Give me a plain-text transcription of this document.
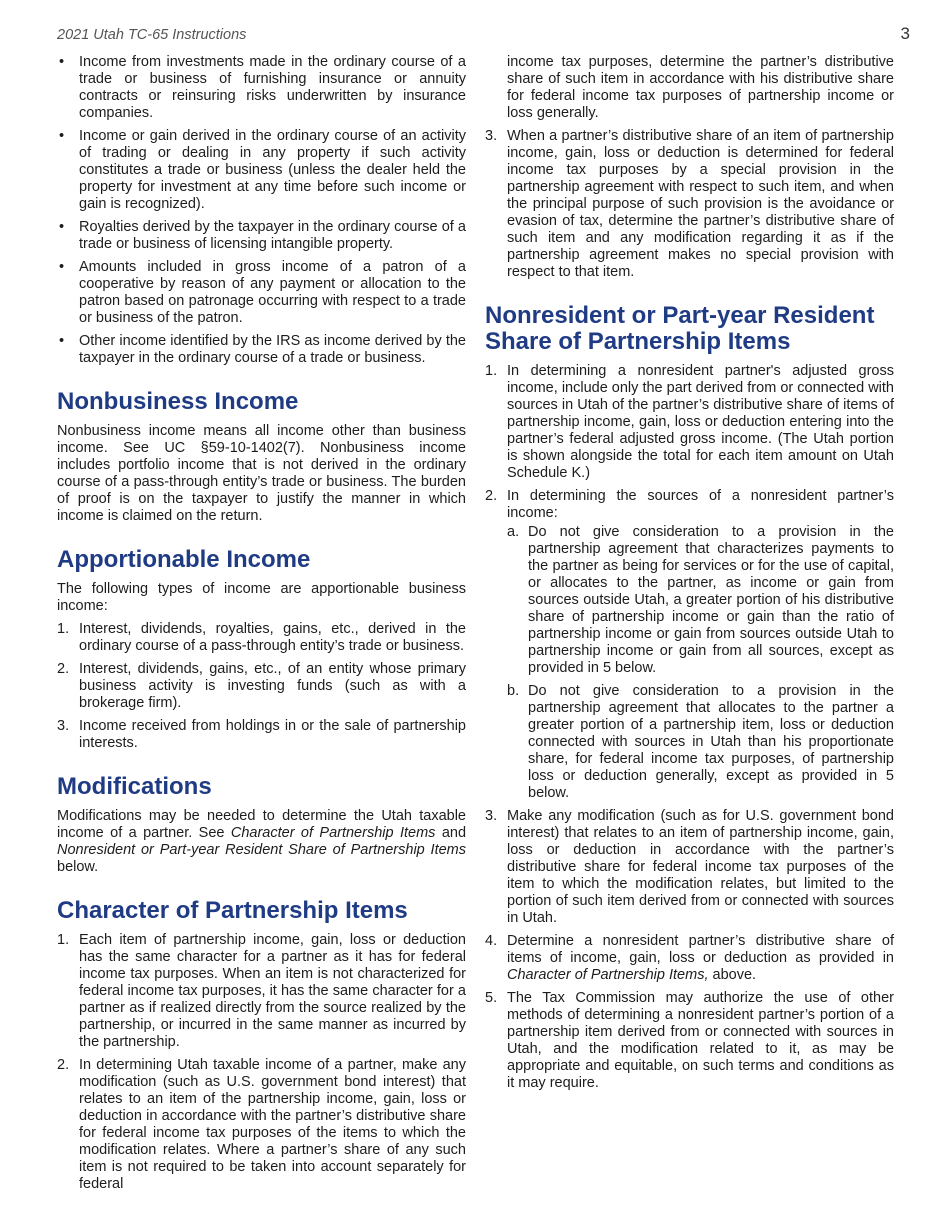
2021 Utah TC-65 Instructions	3
•	Income from investments made in the ordinary course of a trade or business of furnishing insurance or annuity contracts or reinsuring risks underwritten by insurance companies.
•	Income or gain derived in the ordinary course of an activity of trading or dealing in any property if such activity constitutes a trade or business (unless the dealer held the property for investment at any time before such income or gain is recognized).
•	Royalties derived by the taxpayer in the ordinary course of a trade or business of licensing intangible property.
•	Amounts included in gross income of a patron of a cooperative by reason of any payment or allocation to the patron based on patronage occurring with respect to a trade or business of the patron.
•	Other income identified by the IRS as income derived by the taxpayer in the ordinary course of a trade or business.
Nonbusiness Income

Nonbusiness income means all income other than business income. See UC §59-10-1402(7). Nonbusiness income includes portfolio income that is not derived in the ordinary course of a pass-through entity’s trade or business. The burden of proof is on the taxpayer to justify the manner in which income is claimed on the return.

Apportionable Income

The following types of income are apportionable business income:

1. Interest, dividends, royalties, gains, etc., derived in the ordinary course of a pass-through entity’s trade or business.
2. Interest, dividends, gains, etc., of an entity whose primary business activity is investing funds (such as with a brokerage firm).
3. Income received from holdings in or the sale of partnership interests.
Modifications

Modifications may be needed to determine the Utah taxable income of a partner. See Character of Partnership Items and Nonresident or Part-year Resident Share of Partnership Items below.

Character of Partnership Items
1. Each item of partnership income, gain, loss or deduction has the same character for a partner as it has for federal income tax purposes. When an item is not characterized for federal income tax purposes, it has the same character for a partner as if realized directly from the source realized by the partnership, or incurred in the same manner as incurred by the partnership.
2. In determining Utah taxable income of a partner, make any modification (such as U.S. government bond interest) that relates to an item of the partnership income, gain, loss or deduction in accordance with the partner’s distributive share for federal income tax purposes of the items to which the modification relates. Where a partner’s share of any such item is not required to be taken into account separately for federal
income tax purposes, determine the partner’s distributive share of such item in accordance with his distributive share for federal income tax purposes of partnership income or loss generally.
3. When a partner’s distributive share of an item of partnership income, gain, loss or deduction is determined for federal income tax purposes by a special provision in the partnership agreement with respect to such item, and when the principal purpose of such provision is the avoidance or evasion of tax, determine the partner’s distributive share of such item and any modification regarding it as if the partnership agreement makes no special provision with respect to that item.
Nonresident or Part-year Resident Share of Partnership Items
1. In determining a nonresident partner's adjusted gross income, include only the part derived from or connected with sources in Utah of the partner’s distributive share of items of partnership income, gain, loss or deduction entering into the partner’s federal adjusted gross income. (The Utah portion is shown alongside the total for each item amount on Utah Schedule K.)
2. In determining the sources of a nonresident partner’s income:
a. Do not give consideration to a provision in the partnership agreement that characterizes payments to the partner as being for services or for the use of capital, or allocates to the partner, as income or gain from sources outside Utah, a greater portion of his distributive share of partnership income or gain than the ratio of partnership income or gain from sources outside Utah to partnership income or gain from all sources, except as provided in 5 below.
b. Do not give consideration to a provision in the partnership agreement that allocates to the partner a greater portion of a partnership item, loss or deduction connected with sources in Utah than his proportionate share, for federal income tax purposes, of partnership loss or deduction generally, except as provided in 5 below.
3. Make any modification (such as for U.S. government bond interest) that relates to an item of partnership income, gain, loss or deduction in accordance with the partner’s distributive share for federal income tax purposes of the item to which the modification relates, but limited to the portion of such item derived from or connected with sources in Utah.
4. Determine a nonresident partner’s distributive share of items of income, gain, loss or deduction as provided in Character of Partnership Items, above.
5. The Tax Commission may authorize the use of other methods of determining a nonresident partner’s portion of a partnership item derived from or connected with sources in Utah, and the modification related to it, as may be appropriate and equitable, on such terms and conditions as it may require.
